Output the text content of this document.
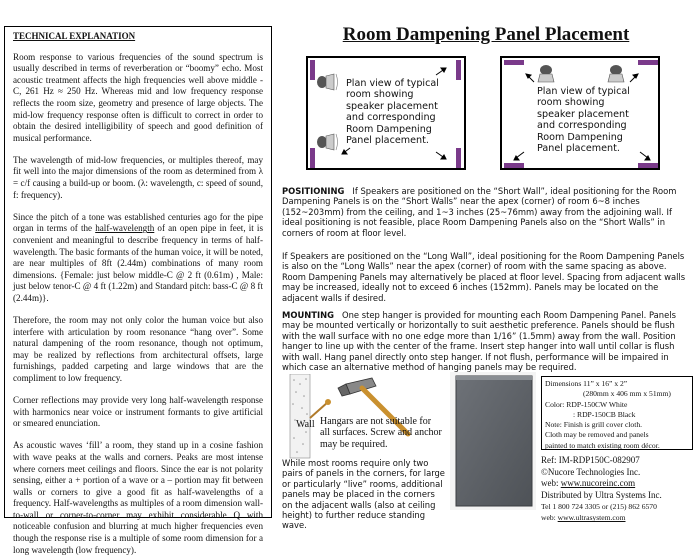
TECHNICAL EXPLANATION

Room response to various frequencies of the sound spectrum is usually described in terms of reverberation or “boomy” echo. Most acoustic treatment affects the high frequencies well above middle - C, 261 Hz ≈ 250 Hz. Whereas mid and low frequency response reflects the room size, geometry and presence of large objects. The mid-low frequency response often is difficult to correct in order to obtain the desired intelligibility of speech and good definition of musical performance.

The wavelength of mid-low frequencies, or multiples thereof, may fit well into the major dimensions of the room as determined from λ = c/f causing a build-up or boom. (λ: wavelength, c: speed of sound, f: frequency).

Since the pitch of a tone was established centuries ago for the pipe organ in terms of the half-wavelength of an open pipe in feet, it is convenient and meaningful to describe frequency in terms of half-wavelength. The basic formants of the human voice, it will be noted, are near multiples of 8ft (2.44m) combinations of many room dimensions. {Female: just below middle-C @ 2 ft (0.61m) , Male: just below tenor-C @ 4 ft (1.22m) and Standard pitch: bass-C @ 8 ft (2.44m)}.

Therefore, the room may not only color the human voice but also interfere with articulation by room resonance “hang over”. Some natural dampening of the room resonance, though not optimum, may be realized by reflections from architectural offsets, large furnishings, padded carpeting and large windows that are the compliment to low frequency.

Corner reflections may provide very long half-wavelength response with harmonics near voice or instrument formants to give artificial or smeared enunciation.

As acoustic waves ‘fill’ a room, they stand up in a cosine fashion with wave peaks at the walls and corners. Peaks are most intense where corners meet ceilings and floors. Since the ear is not polarity sensing, either a + portion of a wave or a – portion may fit between walls or corners to give a good fit as half-wavelengths of a frequency. Half-wavelengths as multiples of a room dimension wall-to-wall or corner-to-corner may exhibit considerable Q with noticeable confusion and blurring at much higher frequencies even though the response rise is a multiple of some room dimension for a long wavelength (low frequency).

Room Dampening Panel Placement
Plan view of typical room showing speaker placement and corresponding Room Dampening Panel placement.
Plan view of typical room showing speaker placement and corresponding Room Dampening Panel placement.
POSITIONING If Speakers are positioned on the “Short Wall”, ideal positioning for the Room Dampening Panels is on the “Short Walls” near the apex (corner) of room 6~8 inches (152~203mm) from the ceiling, and 1~3 inches (25~76mm) away from the adjoining wall. If ideal positioning is not feasible, place Room Dampening Panels also on the “Short Walls” in corners of room at floor level.
If Speakers are positioned on the “Long Wall”, ideal positioning for the Room Dampening Panels is also on the “Long Walls” near the apex (corner) of room with the same spacing as above. Room Dampening Panels may alternatively be placed at floor level. Spacing from adjacent walls may be increased, ideally not to exceed 6 inches (152mm). Panels may be located on the adjacent walls if desired.
MOUNTING One step hanger is provided for mounting each Room Dampening Panel. Panels may be mounted vertically or horizontally to suit aesthetic preference. Panels should be flush with the wall surface with no one edge more than 1/16” (1.5mm) away from the wall. Position hanger to line up with the center of the frame. Insert step hanger into wall until collar is flush with wall. Hang panel directly onto step hanger. If not flush, performance will be impaired in which case an alternative method of hanging panels may be required.
Wall Hangars are not suitable for all surfaces. Screw and anchor may be required.
While most rooms require only two pairs of panels in the corners, for large or particularly “live” rooms, additional panels may be placed in the corners on the adjacent walls (also at ceiling height) to further reduce standing wave.
Dimensions 11” x 16” x 2”
(280mm x 406 mm x 51mm)
Color: RDP-150CW White
: RDP-150CB Black
Note: Finish is grill cover cloth.
Cloth may be removed and panels
painted to match existing room décor.
Ref: IM-RDP150C-082907
©Nucore Technologies Inc.
web: www.nucoreinc.com
Distributed by Ultra Systems Inc.
Tel 1 800 724 3305 or (215) 862 6570
web: www.ultrasystem.com
